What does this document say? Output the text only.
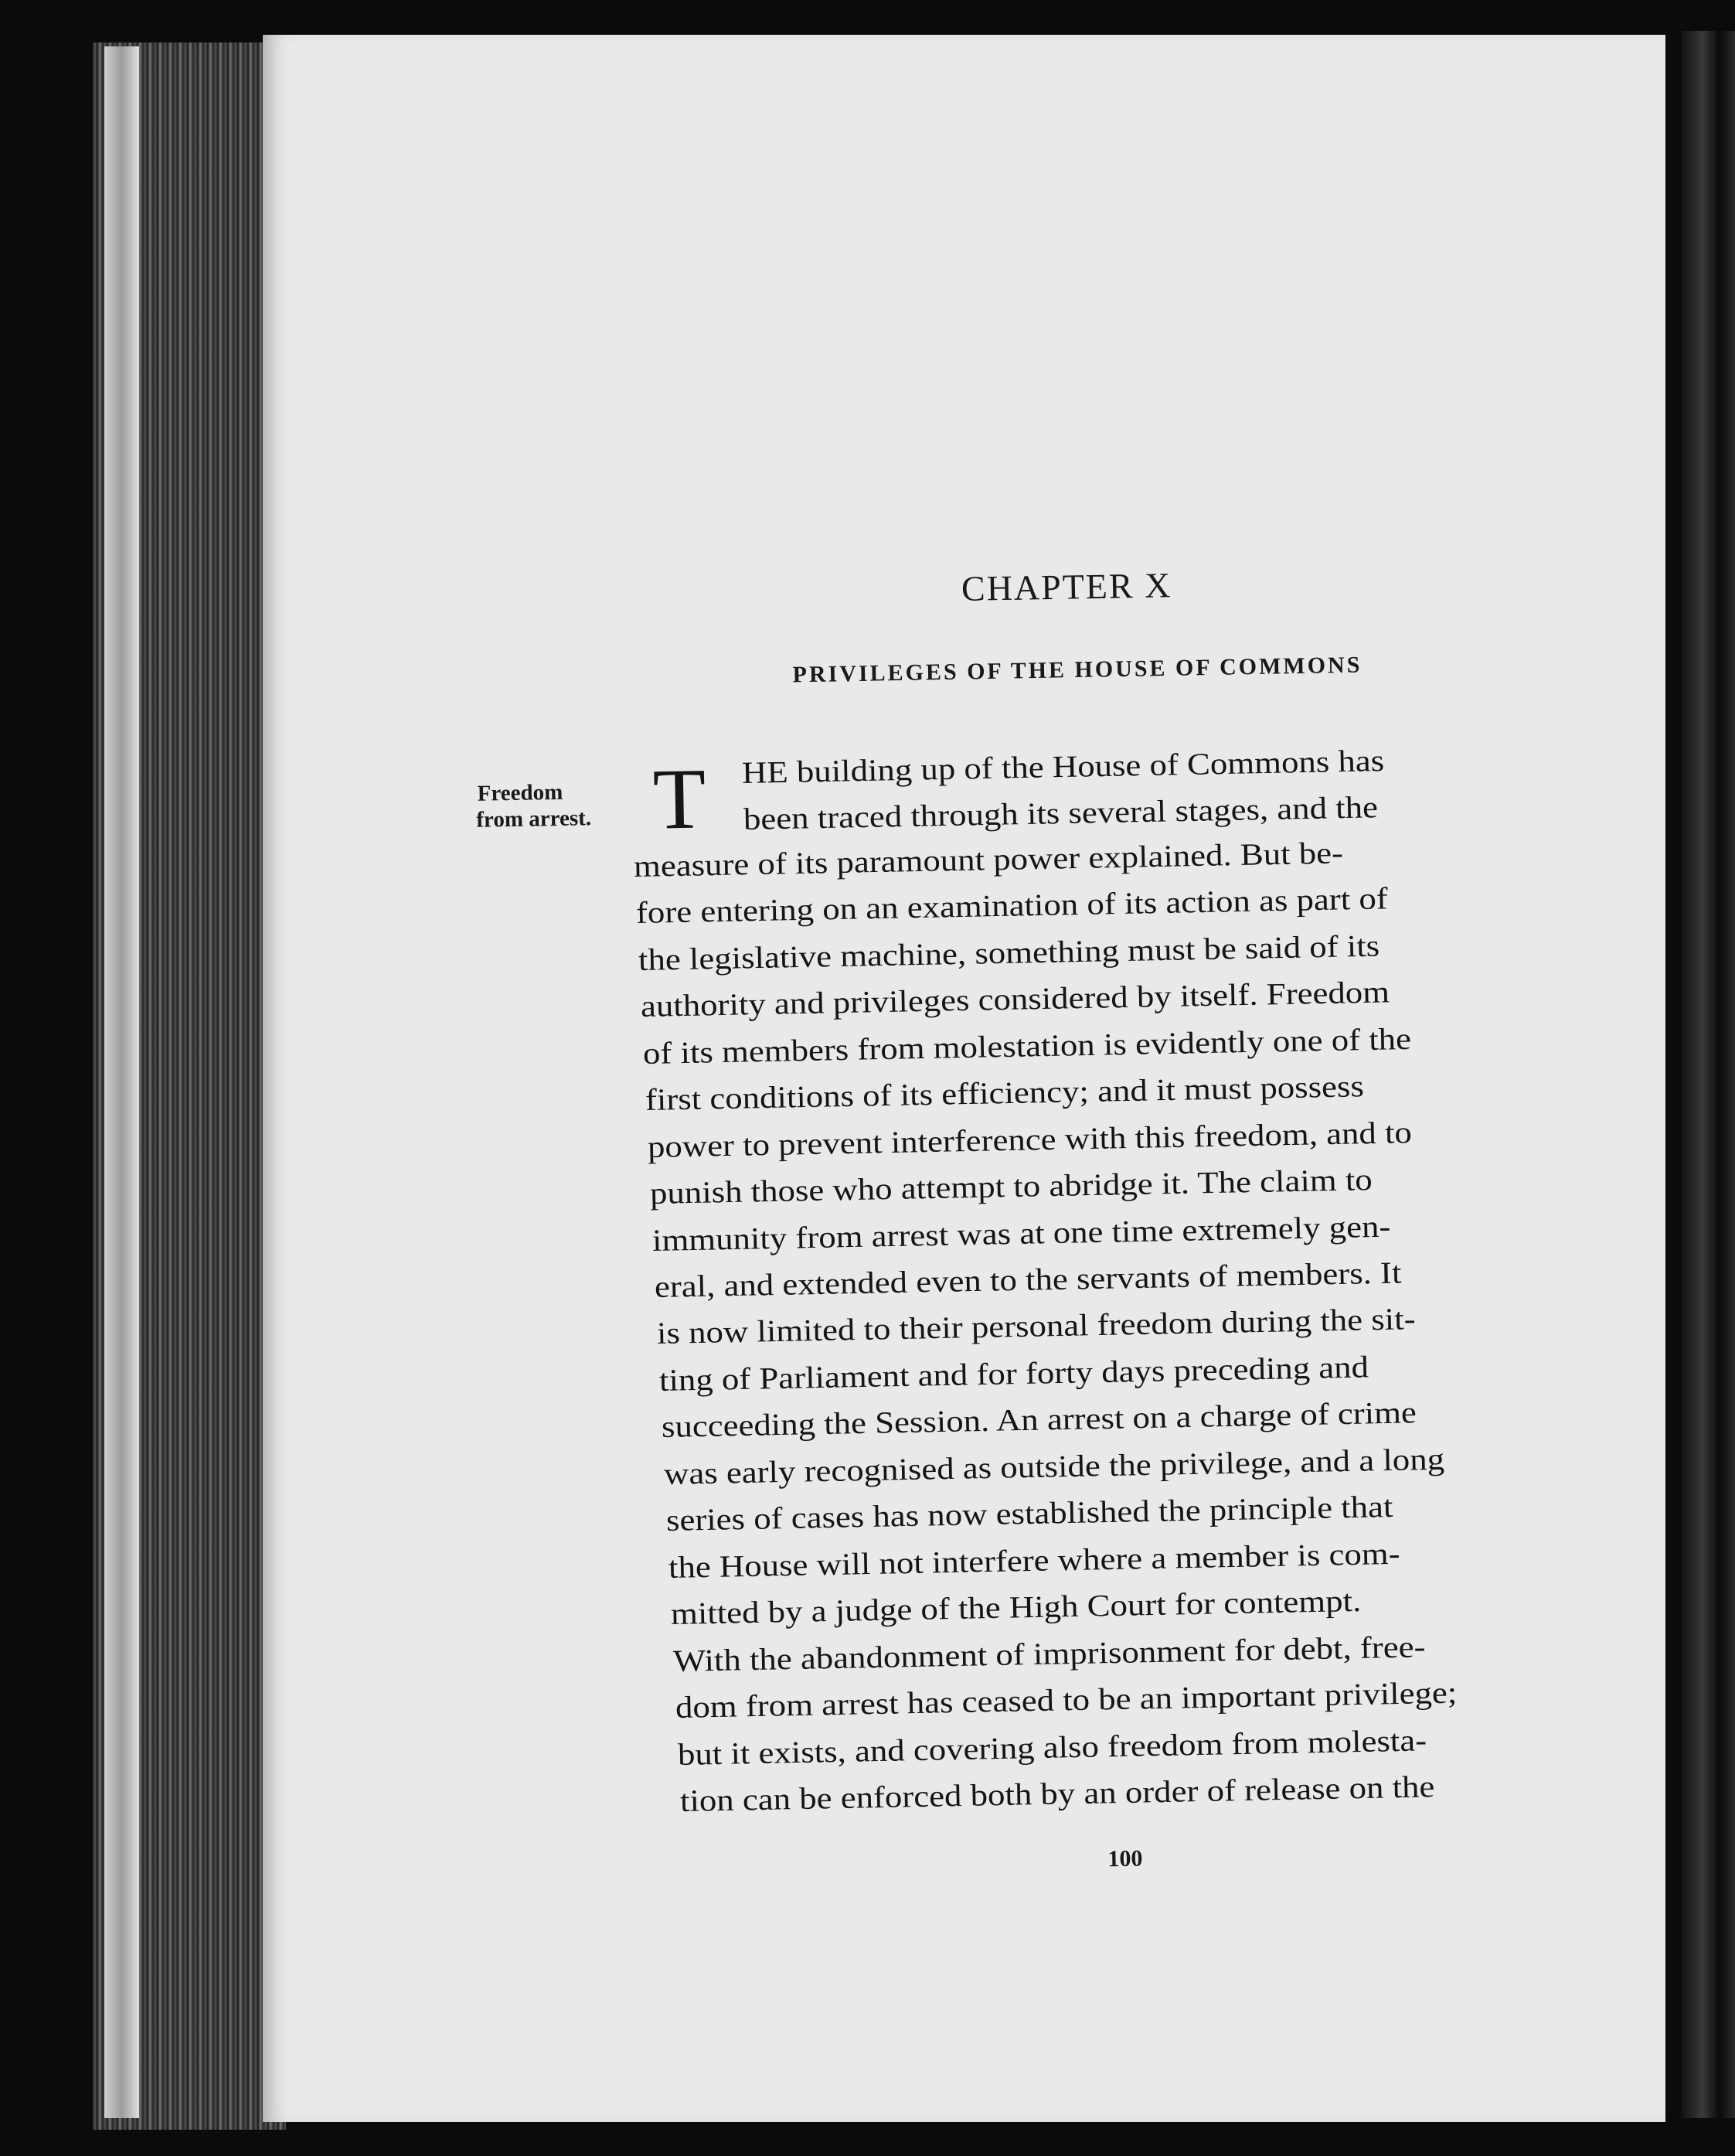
PRIVILEGES OF THE HOUSE OF COMMONS
Freedom
from arrest. T HE building up of the House of Commons has
been traced through its several stages, and the
measure of its paramount power explained. But be-
fore entering on an examination of its action as part of
the legislative machine, something must be said of its
authority and privileges considered by itself. Freedom
of its members from molestation is evidently one of the
first conditions of its efficiency; and it must possess
power to prevent interference with this freedom, and to
punish those who attempt to abridge it. The claim to
immunity from arrest was at one time extremely gen-
eral, and extended even to the servants of members. It
is now limited to their personal freedom during the sit-
ting of Parliament and for forty days preceding and
succeeding the Session. An arrest on a charge of crime
was early recognised as outside the privilege, and a long
series of cases has now established the principle that
the House will not interfere where a member is com-
mitted by a judge of the High Court for contempt.
With the abandonment of imprisonment for debt, free-
dom from arrest has ceased to be an important privilege;
but it exists, and covering also freedom from molesta-
tion can be enforced both by an order of release on the
100
